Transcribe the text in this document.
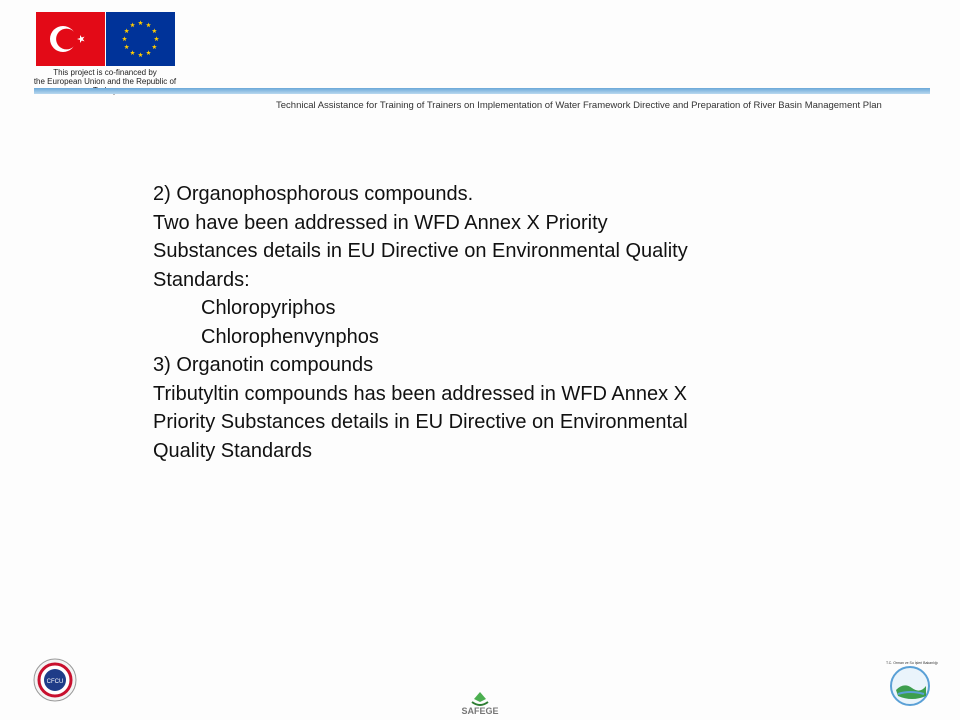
This project is co-financed by
the European Union and the Republic of
Technical Assistance for Training of Trainers on Implementation of Water Framework Directive and Preparation of River Basin Management Plan
2) Organophosphorous compounds.
Two have been addressed in WFD Annex X Priority
Substances details in EU Directive on Environmental Quality
Standards:
Chloropyriphos
Chlorophenvynphos
3) Organotin compounds
Tributyltin compounds has been addressed in WFD Annex X
Priority Substances details in EU Directive on Environmental
Quality Standards
CFCU
SAFEGE
T.C. Orman ve Su İşleri Bakanlığı
